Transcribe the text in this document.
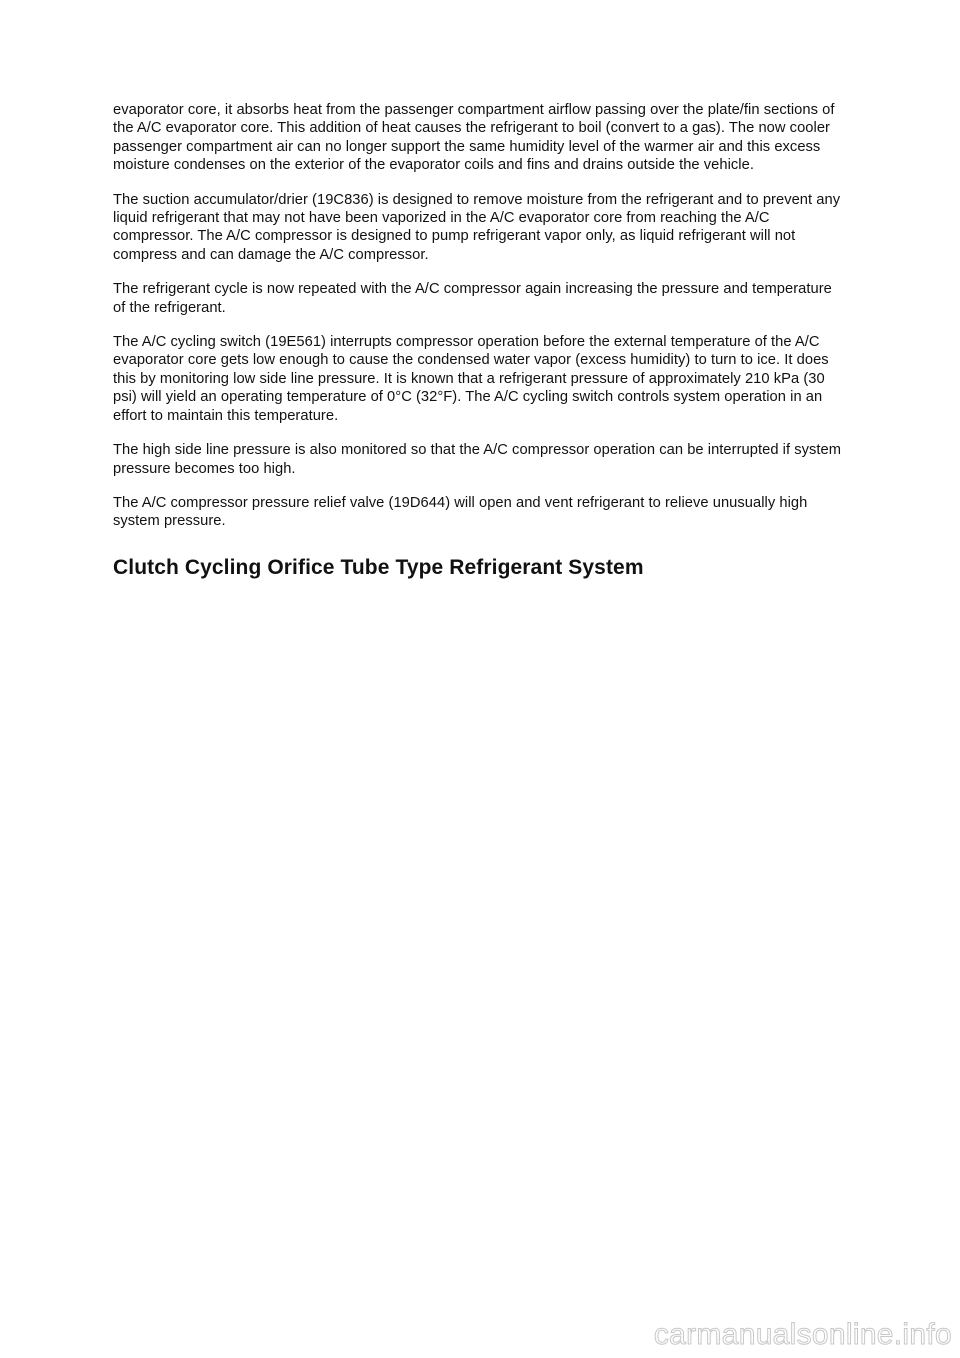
evaporator core, it absorbs heat from the passenger compartment airflow passing over the plate/fin sections of the A/C evaporator core. This addition of heat causes the refrigerant to boil (convert to a gas). The now cooler passenger compartment air can no longer support the same humidity level of the warmer air and this excess moisture condenses on the exterior of the evaporator coils and fins and drains outside the vehicle.

The suction accumulator/drier (19C836) is designed to remove moisture from the refrigerant and to prevent any liquid refrigerant that may not have been vaporized in the A/C evaporator core from reaching the A/C compressor. The A/C compressor is designed to pump refrigerant vapor only, as liquid refrigerant will not compress and can damage the A/C compressor.

The refrigerant cycle is now repeated with the A/C compressor again increasing the pressure and temperature of the refrigerant.

The A/C cycling switch (19E561) interrupts compressor operation before the external temperature of the A/C evaporator core gets low enough to cause the condensed water vapor (excess humidity) to turn to ice. It does this by monitoring low side line pressure. It is known that a refrigerant pressure of approximately 210 kPa (30 psi) will yield an operating temperature of 0°C (32°F). The A/C cycling switch controls system operation in an effort to maintain this temperature.

The high side line pressure is also monitored so that the A/C compressor operation can be interrupted if system pressure becomes too high.

The A/C compressor pressure relief valve (19D644) will open and vent refrigerant to relieve unusually high system pressure.

Clutch Cycling Orifice Tube Type Refrigerant System
carmanualsonline.info
